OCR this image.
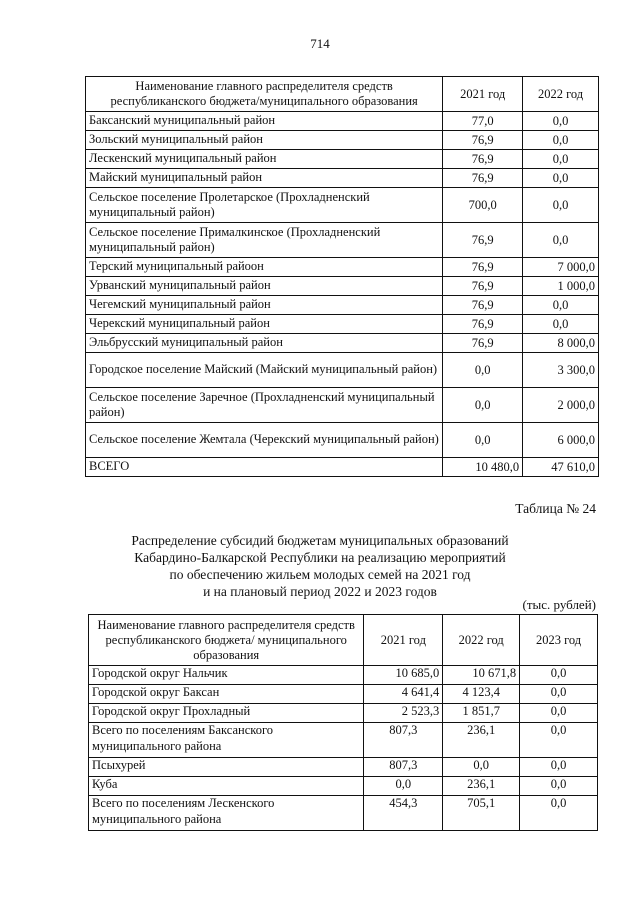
714
Наименование главного распределителя средств республиканского бюджета/муниципального образования	2021 год	2022 год
Баксанский муниципальный район	77,0	0,0
Зольский муниципальный район	76,9	0,0
Лескенский муниципальный район	76,9	0,0
Майский муниципальный район	76,9	0,0
Сельское поселение Пролетарское (Прохладненский муниципальный район)	700,0	0,0
Сельское поселение Прималкинское (Прохладненский муниципальный район)	76,9	0,0
Терский муниципальный райоон	76,9	7 000,0
Урванский муниципальный район	76,9	1 000,0
Чегемский муниципальный район	76,9	0,0
Черекский муниципальный район	76,9	0,0
Эльбрусский муниципальный район	76,9	8 000,0
Городское поселение Майский (Майский муниципальный район)	0,0	3 300,0
Сельское поселение Заречное (Прохладненский муниципальный район)	0,0	2 000,0
Сельское поселение Жемтала (Черекский муниципальный район)	0,0	6 000,0
ВСЕГО	10 480,0	47 610,0
Таблица № 24
Распределение субсидий бюджетам муниципальных образований
Кабардино-Балкарской Республики на реализацию мероприятий
по обеспечению жильем молодых семей на 2021 год
и на плановый период 2022 и 2023 годов
(тыс. рублей)
Наименование главного распределителя средств республиканского бюджета/ муниципального образования	2021 год	2022 год	2023 год
Городской округ Нальчик	10 685,0	10 671,8	0,0
Городской округ Баксан	4 641,4	4 123,4	0,0
Городской округ Прохладный	2 523,3	1 851,7	0,0
Всего по поселениям Баксанского муниципального района	807,3	236,1	0,0
Псыхурей	807,3	0,0	0,0
Куба	0,0	236,1	0,0
Всего по поселениям Лескенского муниципального района	454,3	705,1	0,0
